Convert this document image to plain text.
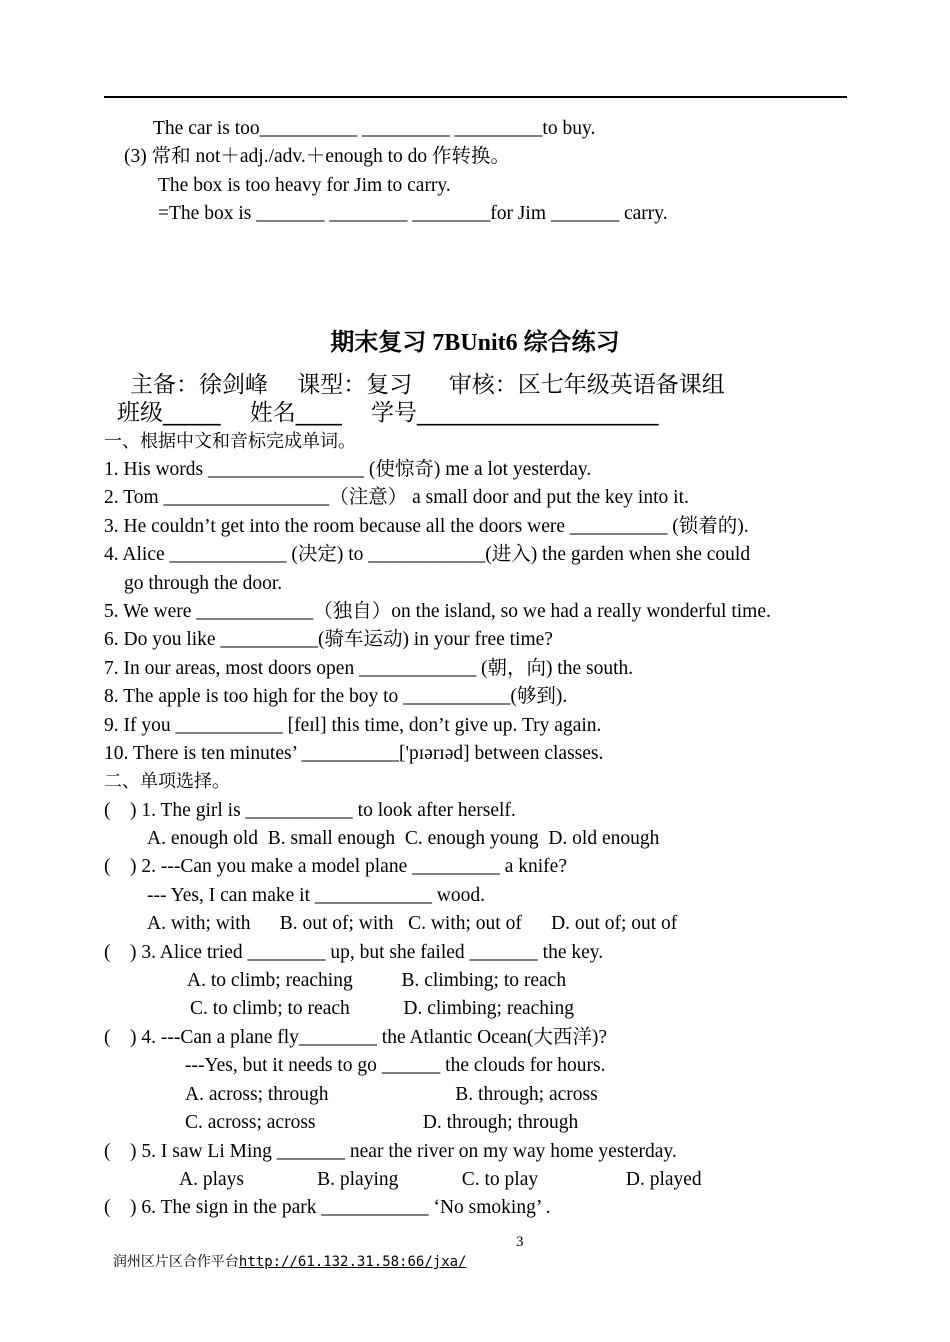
The car is too__________ _________ _________to buy.
(3) 常和 not＋adj./adv.＋enough to do 作转换。
The box is too heavy for Jim to carry.
=The box is _______ ________ ________for Jim _______ carry.
期末复习 7BUnit6 综合练习
主备：徐剑峰    课型：复习     审核：区七年级英语备课组
班级_____    姓名____    学号_____________________
一、根据中文和音标完成单词。
1. His words ________________ (使惊奇) me a lot yesterday.
2. Tom _________________（注意） a small door and put the key into it.
3. He couldn’t get into the room because all the doors were __________ (锁着的).
4. Alice ____________ (决定) to ____________(进入) the garden when she could
go through the door.
5. We were ____________（独自）on the island, so we had a really wonderful time.
6. Do you like __________(骑车运动) in your free time?
7. In our areas, most doors open ____________ (朝，向) the south.
8. The apple is too high for the boy to ___________(够到).
9. If you ___________ [feɪl] this time, don’t give up. Try again.
10. There is ten minutes’ __________['pɪərɪəd] between classes.
二、单项选择。
(    ) 1. The girl is ___________ to look after herself.
A. enough old  B. small enough  C. enough young  D. old enough
(    ) 2. ---Can you make a model plane _________ a knife?
--- Yes, I can make it ____________ wood.
A. with; with      B. out of; with   C. with; out of      D. out of; out of
(    ) 3. Alice tried ________ up, but she failed _______ the key.
A. to climb; reaching          B. climbing; to reach
C. to climb; to reach           D. climbing; reaching
(    ) 4. ---Can a plane fly________ the Atlantic Ocean(大西洋)?
---Yes, but it needs to go ______ the clouds for hours.
A. across; through                          B. through; across
C. across; across                      D. through; through
(    ) 5. I saw Li Ming _______ near the river on my way home yesterday.
A. plays               B. playing             C. to play                  D. played
(    ) 6. The sign in the park ___________ ‘No smoking’ .

润州区片区合作平台http://61.132.31.58:66/jxa/

3
